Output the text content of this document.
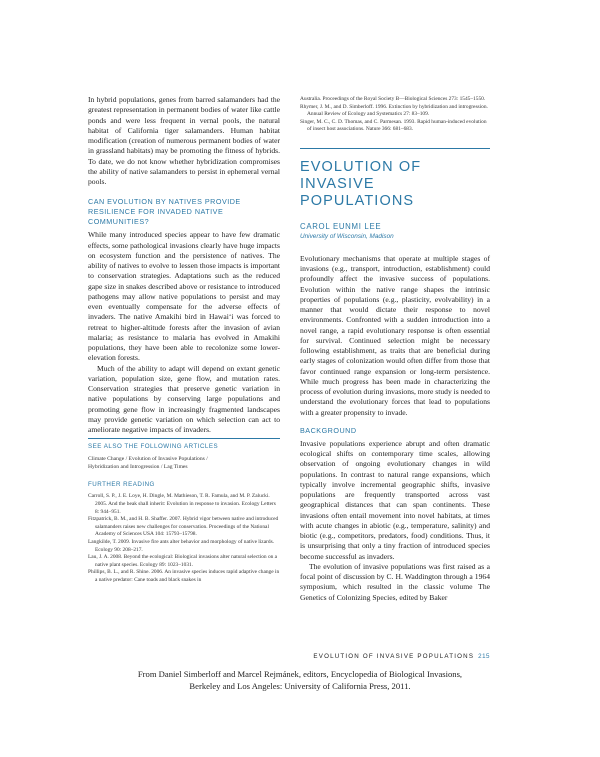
In hybrid populations, genes from barred salamanders had the greatest representation in permanent bodies of water like cattle ponds and were less frequent in vernal pools, the natural habitat of California tiger salamanders. Human habitat modification (creation of numerous permanent bodies of water in grassland habitats) may be promoting the fitness of hybrids. To date, we do not know whether hybridization compromises the ability of native salamanders to persist in ephemeral vernal pools.

CAN EVOLUTION BY NATIVES PROVIDE RESILIENCE FOR INVADED NATIVE COMMUNITIES?

While many introduced species appear to have few dramatic effects, some pathological invasions clearly have huge impacts on ecosystem function and the persistence of natives. The ability of natives to evolve to lessen those impacts is important to conservation strategies. Adaptations such as the reduced gape size in snakes described above or resistance to introduced pathogens may allow native populations to persist and may even eventually compensate for the adverse effects of invaders. The native Amakihi bird in Hawai‘i was forced to retreat to higher-altitude forests after the invasion of avian malaria; as resistance to malaria has evolved in Amakihi populations, they have been able to recolonize some lower-elevation forests.

Much of the ability to adapt will depend on extant genetic variation, population size, gene flow, and mutation rates. Conservation strategies that preserve genetic variation in native populations by conserving large populations and promoting gene flow in increasingly fragmented landscapes may provide genetic variation on which selection can act to ameliorate negative impacts of invaders.

SEE ALSO THE FOLLOWING ARTICLES

Climate Change / Evolution of Invasive Populations /

Hybridization and Introgression / Lag Times

FURTHER READING

Carroll, S. P., J. E. Loye, H. Dingle, M. Mathieson, T. R. Famula, and M. P. Zalucki. 2005. And the beak shall inherit: Evolution in response to invasion. Ecology Letters 8: 944–951.

Fitzpatrick, B. M., and H. B. Shaffer. 2007. Hybrid vigor between native and introduced salamanders raises new challenges for conservation. Proceedings of the National Academy of Sciences USA 104: 15793–15798.

Langkilde, T. 2009. Invasive fire ants alter behavior and morphology of native lizards. Ecology 90: 208–217.

Lau, J. A. 2008. Beyond the ecological: Biological invasions alter natural selection on a native plant species. Ecology 89: 1023–1031.

Phillips, B. L., and R. Shine. 2006. An invasive species induces rapid adaptive change in a native predator: Cane toads and black snakes in

Australia. Proceedings of the Royal Society B—Biological Sciences 273: 1545–1550.

Rhymer, J. M., and D. Simberloff. 1996. Extinction by hybridization and introgression. Annual Review of Ecology and Systematics 27: 83–109.

Singer, M. C., C. D. Thomas, and C. Parmesan. 1993. Rapid human-induced evolution of insect host associations. Nature 366: 681–683.

EVOLUTION OF INVASIVE POPULATIONS
CAROL EUNMI LEE
University of Wisconsin, Madison

Evolutionary mechanisms that operate at multiple stages of invasions (e.g., transport, introduction, establishment) could profoundly affect the invasive success of populations. Evolution within the native range shapes the intrinsic properties of populations (e.g., plasticity, evolvability) in a manner that would dictate their response to novel environments. Confronted with a sudden introduction into a novel range, a rapid evolutionary response is often essential for survival. Continued selection might be necessary following establishment, as traits that are beneficial during early stages of colonization would often differ from those that favor continued range expansion or long-term persistence. While much progress has been made in characterizing the process of evolution during invasions, more study is needed to understand the evolutionary forces that lead to populations with a greater propensity to invade.

BACKGROUND

Invasive populations experience abrupt and often dramatic ecological shifts on contemporary time scales, allowing observation of ongoing evolutionary changes in wild populations. In contrast to natural range expansions, which typically involve incremental geographic shifts, invasive populations are frequently transported across vast geographical distances that can span continents. These invasions often entail movement into novel habitats, at times with acute changes in abiotic (e.g., temperature, salinity) and biotic (e.g., competitors, predators, food) conditions. Thus, it is unsurprising that only a tiny fraction of introduced species become successful as invaders.

The evolution of invasive populations was first raised as a focal point of discussion by C. H. Waddington through a 1964 symposium, which resulted in the classic volume The Genetics of Colonizing Species, edited by Baker

EVOLUTION OF INVASIVE POPULATIONS 215
From Daniel Simberloff and Marcel Rejmánek, editors, Encyclopedia of Biological Invasions,
Berkeley and Los Angeles: University of California Press, 2011.
